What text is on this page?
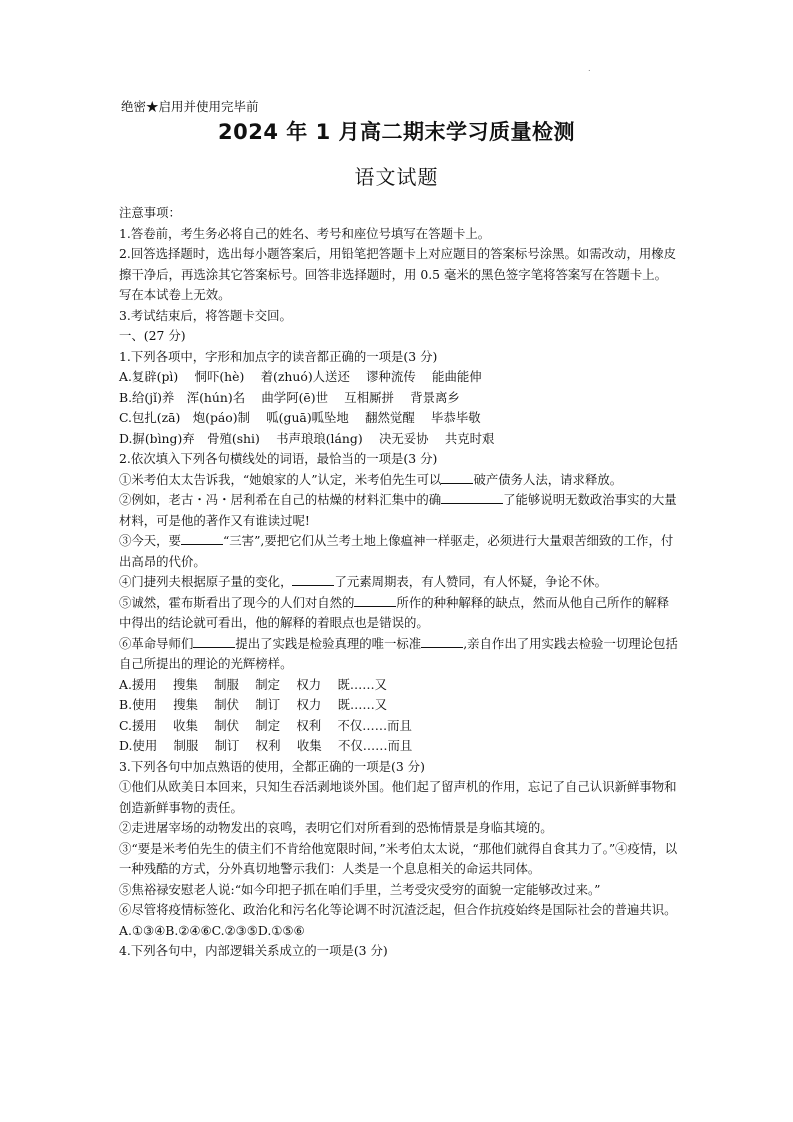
.
绝密★启用并使用完毕前
2024 年 1 月高二期末学习质量检测
语文试题

注意事项：

1.答卷前，考生务必将自己的姓名、考号和座位号填写在答题卡上。

2.回答选择题时，选出每小题答案后，用铅笔把答题卡上对应题目的答案标号涂黑。如需改动，用橡皮擦干净后，再选涂其它答案标号。回答非选择题时，用 0.5 毫米的黑色签字笔将答案写在答题卡上。写在本试卷上无效。

3.考试结束后，将答题卡交回。

一、(27 分)

1.下列各项中，字形和加点字的读音都正确的一项是(3 分)

A.复辟(pì)　 恫吓(hè)　 着(zhuó)人送还　 谬种流传　 能曲能伸

B.给(jǐ)养　浑(hún)名　 曲学阿(ē)世　 互相厮拼　 背景离乡

C.包扎(zā)　炮(páo)制　 呱(guā)呱坠地　 翻然觉醒　 毕恭毕敬

D.摒(bìng)弃　骨殖(shi)　 书声琅琅(láng)　 决无妥协　 共克时艰

2.依次填入下列各句横线处的词语，最恰当的一项是(3 分)

①米考伯太太告诉我，“她娘家的人”认定，米考伯先生可以	破产债务人法，请求释放。

②例如，老古・冯・居利希在自己的枯燥的材料汇集中的确	了能够说明无数政治事实的大量材料，可是他的著作又有谁读过呢!

③今天，要	“三害”,要把它们从兰考土地上像瘟神一样驱走，必须进行大量艰苦细致的工作，付出高昂的代价。

④门捷列夫根据原子量的变化，	了元素周期表，有人赞同，有人怀疑，争论不休。

⑤诚然，霍布斯看出了现今的人们对自然的	所作的种种解释的缺点，然而从他自己所作的解释中得出的结论就可看出，他的解释的着眼点也是错误的。

⑥革命导师们	提出了实践是检验真理的唯一标准	,亲自作出了用实践去检验一切理论包括自己所提出的理论的光辉榜样。

A.援用　 搜集　 制服　 制定　 权力　 既……又

B.使用　 搜集　 制伏　 制订　 权力　 既……又

C.援用　 收集　 制伏　 制定　 权利　 不仅……而且

D.使用　 制服　 制订　 权利　 收集　 不仅……而且

3.下列各句中加点熟语的使用，全都正确的一项是(3 分)

①他们从欧美日本回来，只知生吞活剥地谈外国。他们起了留声机的作用，忘记了自己认识新鲜事物和创造新鲜事物的责任。

②走进屠宰场的动物发出的哀鸣，表明它们对所看到的恐怖情景是身临其境的。

③“要是米考伯先生的债主们不肯给他宽限时间，”米考伯太太说，“那他们就得自食其力了。”④疫情，以一种残酷的方式，分外真切地警示我们：人类是一个息息相关的命运共同体。

⑤焦裕禄安慰老人说:“如今印把子抓在咱们手里，兰考受灾受穷的面貌一定能够改过来。”

⑥尽管将疫情标签化、政治化和污名化等论调不时沉渣泛起，但合作抗疫始终是国际社会的普遍共识。

A.①③④B.②④⑥C.②③⑤D.①⑤⑥

4.下列各句中，内部逻辑关系成立的一项是(3 分)
